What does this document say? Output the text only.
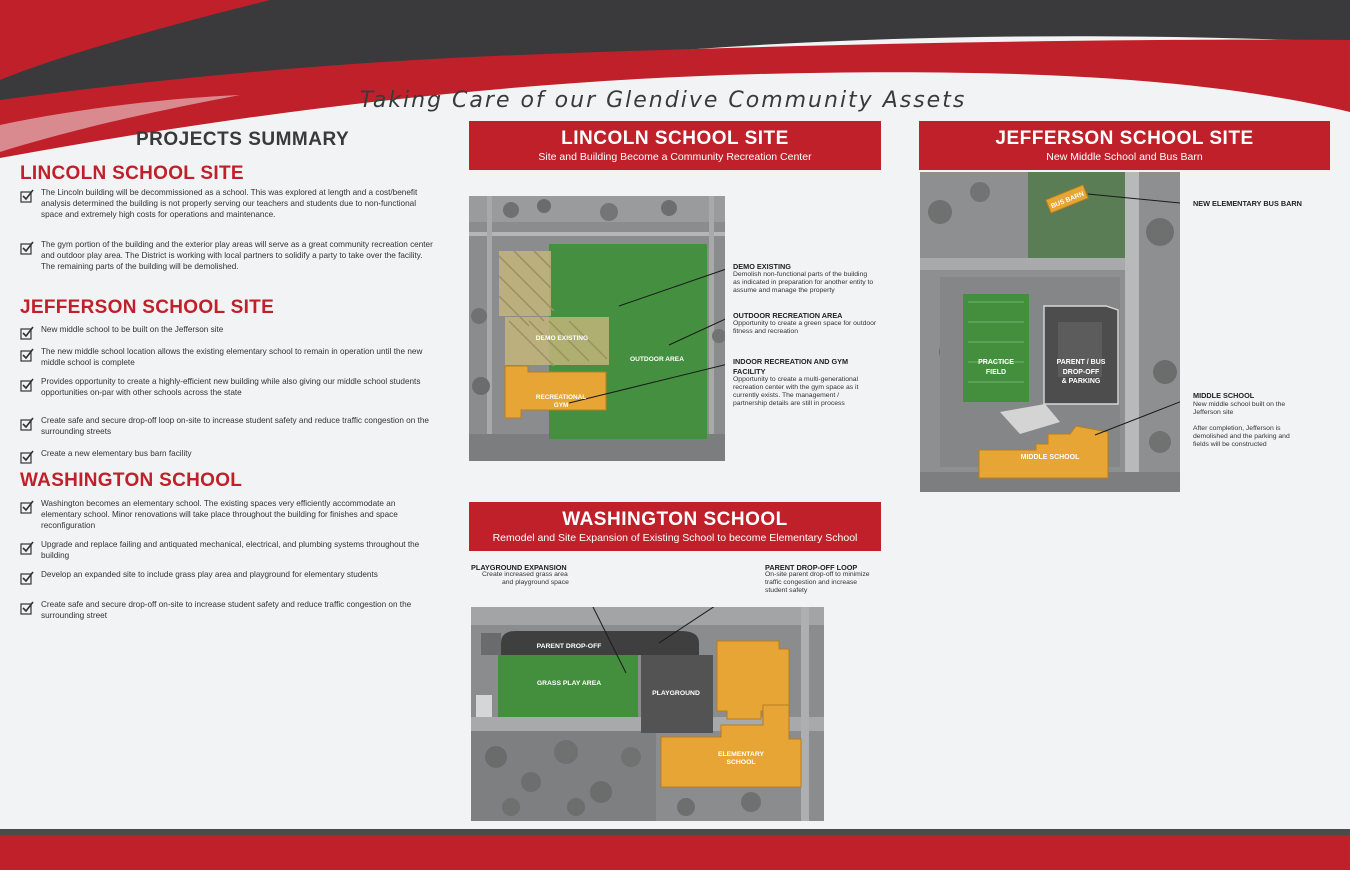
Taking Care of our Glendive Community Assets
PROJECTS SUMMARY
LINCOLN SCHOOL SITE
The Lincoln building will be decommissioned as a school. This was explored at length and a cost/benefit analysis determined the building is not properly serving our teachers and students due to non-functional space and extremely high costs for operations and maintenance.
The gym portion of the building and the exterior play areas will serve as a great community recreation center and outdoor play area. The District is working with local partners to solidify a party to take over the facility. The remaining parts of the building will be demolished.
JEFFERSON SCHOOL SITE
New middle school to be built on the Jefferson site
The new middle school location allows the existing elementary school to remain in operation until the new middle school is complete
Provides opportunity to create a highly-efficient new building while also giving our middle school students opportunities on-par with other schools across the state
Create safe and secure drop-off loop on-site to increase student safety and reduce traffic congestion on the surrounding streets
Create a new elementary bus barn facility
WASHINGTON SCHOOL
Washington becomes an elementary school. The existing spaces very efficiently accommodate an elementary school. Minor renovations will take place throughout the building for finishes and space reconfiguration
Upgrade and replace failing and antiquated mechanical, electrical, and plumbing systems throughout the building
Develop an expanded site to include grass play area and playground for elementary students
Create safe and secure drop-off on-site to increase student safety and reduce traffic congestion on the surrounding street
LINCOLN SCHOOL SITE
Site and Building Become a Community Recreation Center
DEMO EXISTING
OUTDOOR AREA
RECREATIONAL
GYM
DEMO EXISTING
Demolish non-functional parts of the building
as indicated in preparation for another entity to
assume and manage the property
OUTDOOR RECREATION AREA
Opportunity to create a green space for outdoor
fitness and recreation
INDOOR RECREATION AND GYM
FACILITY
Opportunity to create a multi-generational
recreation center with the gym space as it
currently exists. The management /
partnership details are still in process
JEFFERSON SCHOOL SITE
New Middle School and Bus Barn
BUS BARN
PRACTICE
FIELD
PARENT / BUS
DROP-OFF
& PARKING
MIDDLE SCHOOL
NEW ELEMENTARY BUS BARN
MIDDLE SCHOOL
New middle school built on the
Jefferson site
After completion, Jefferson is
demolished and the parking and
fields will be constructed
WASHINGTON SCHOOL
Remodel and Site Expansion of Existing School to become Elementary School
PLAYGROUND EXPANSION
Create increased grass area
and playground space
PARENT DROP-OFF LOOP
On-site parent drop-off to minimize
traffic congestion and increase
student safety
PARENT DROP-OFF
GRASS PLAY AREA
PLAYGROUND
ELEMENTARY
SCHOOL
